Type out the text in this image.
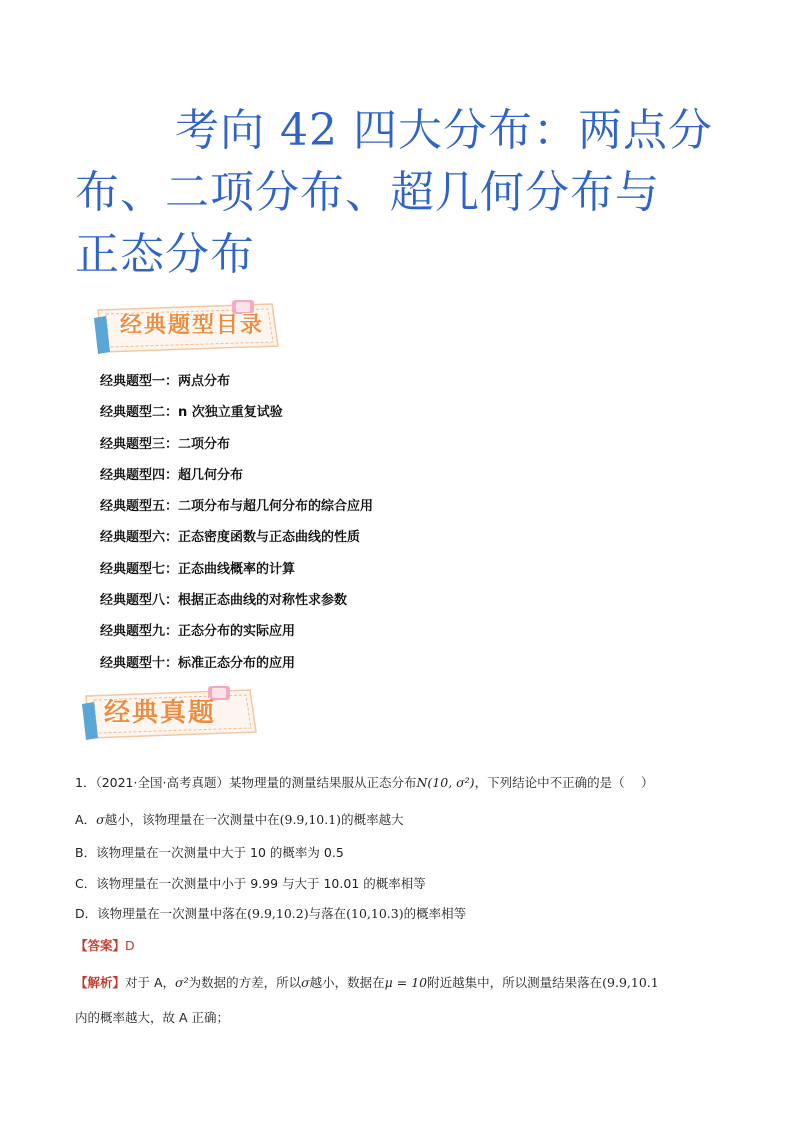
考向 42 四大分布：两点分
布、二项分布、超几何分布与
正态分布
经典题型目录
经典题型一：两点分布
经典题型二：n 次独立重复试验
经典题型三：二项分布
经典题型四：超几何分布
经典题型五：二项分布与超几何分布的综合应用
经典题型六：正态密度函数与正态曲线的性质
经典题型七：正态曲线概率的计算
经典题型八：根据正态曲线的对称性求参数
经典题型九：正态分布的实际应用
经典题型十：标准正态分布的应用
经典真题
1．（2021·全国·高考真题）某物理量的测量结果服从正态分布N(10, σ²)，下列结论中不正确的是（　 ）
A．σ越小，该物理量在一次测量中在(9.9,10.1)的概率越大
B．该物理量在一次测量中大于 10 的概率为 0.5
C．该物理量在一次测量中小于 9.99 与大于 10.01 的概率相等
D．该物理量在一次测量中落在(9.9,10.2)与落在(10,10.3)的概率相等
【答案】D
【解析】对于 A，σ²为数据的方差，所以σ越小，数据在μ = 10附近越集中，所以测量结果落在(9.9,10.1
内的概率越大，故 A 正确；
